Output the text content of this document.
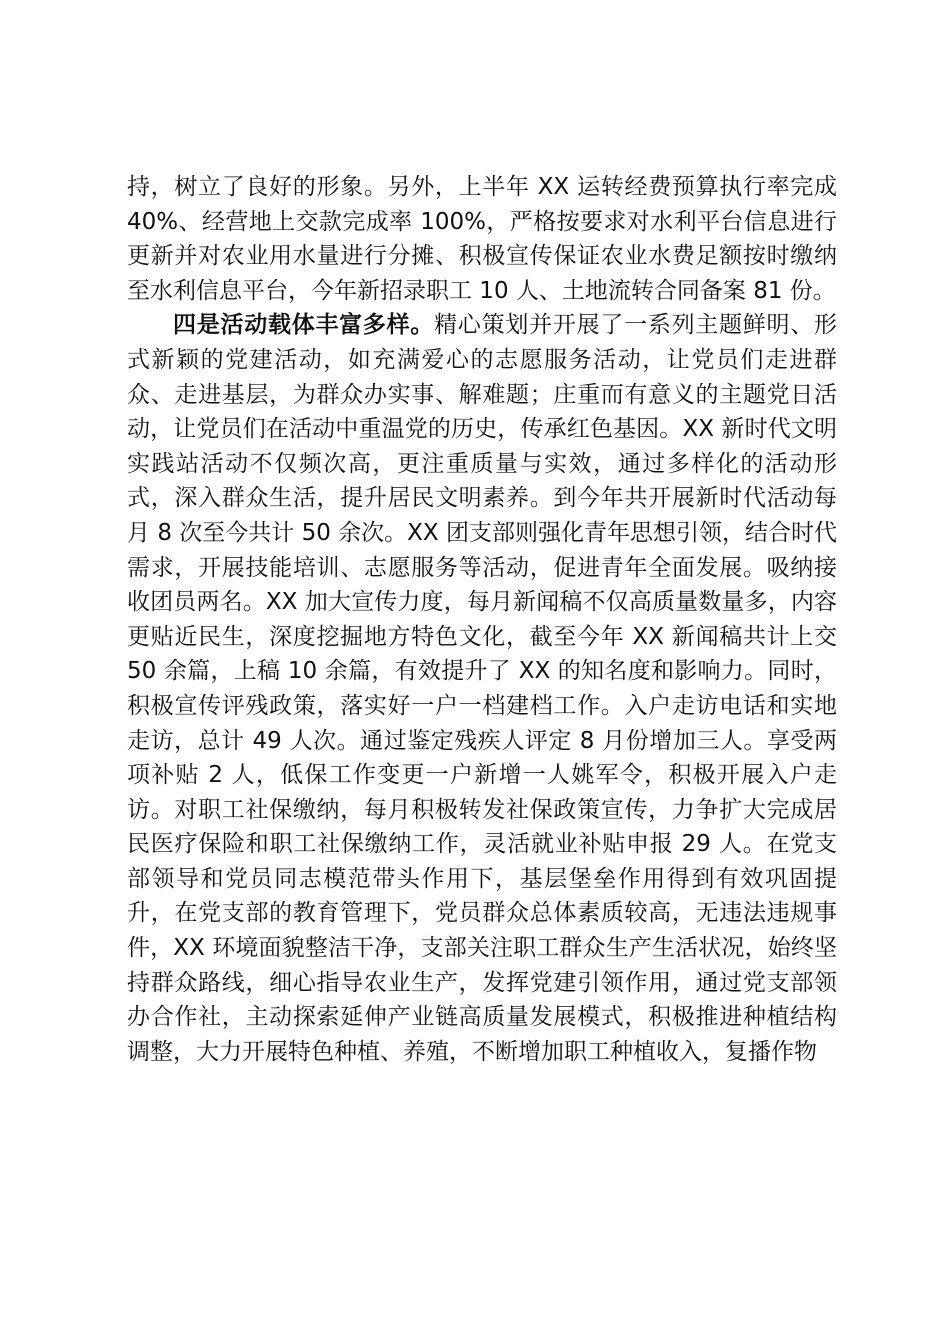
持，树立了良好的形象。另外，上半年 XX 运转经费预算执行率完成 40%、经营地上交款完成率 100%，严格按要求对水利平台信息进行更新并对农业用水量进行分摊、积极宣传保证农业水费足额按时缴纳至水利信息平台，今年新招录职工 10 人、土地流转合同备案 81 份。

四是活动载体丰富多样。精心策划并开展了一系列主题鲜明、形式新颖的党建活动，如充满爱心的志愿服务活动，让党员们走进群众、走进基层，为群众办实事、解难题；庄重而有意义的主题党日活动，让党员们在活动中重温党的历史，传承红色基因。XX 新时代文明实践站活动不仅频次高，更注重质量与实效，通过多样化的活动形式，深入群众生活，提升居民文明素养。到今年共开展新时代活动每月 8 次至今共计 50 余次。XX 团支部则强化青年思想引领，结合时代需求，开展技能培训、志愿服务等活动，促进青年全面发展。吸纳接收团员两名。XX 加大宣传力度，每月新闻稿不仅高质量数量多，内容更贴近民生，深度挖掘地方特色文化，截至今年 XX 新闻稿共计上交 50 余篇，上稿 10 余篇，有效提升了 XX 的知名度和影响力。同时，积极宣传评残政策，落实好一户一档建档工作。入户走访电话和实地走访，总计 49 人次。通过鉴定残疾人评定 8 月份增加三人。享受两项补贴 2 人，低保工作变更一户新增一人姚军令，积极开展入户走访。对职工社保缴纳，每月积极转发社保政策宣传，力争扩大完成居民医疗保险和职工社保缴纳工作，灵活就业补贴申报 29 人。在党支部领导和党员同志模范带头作用下，基层堡垒作用得到有效巩固提升，在党支部的教育管理下，党员群众总体素质较高，无违法违规事件，XX 环境面貌整洁干净，支部关注职工群众生产生活状况，始终坚持群众路线，细心指导农业生产，发挥党建引领作用，通过党支部领办合作社，主动探索延伸产业链高质量发展模式，积极推进种植结构调整，大力开展特色种植、养殖，不断增加职工种植收入，复播作物
